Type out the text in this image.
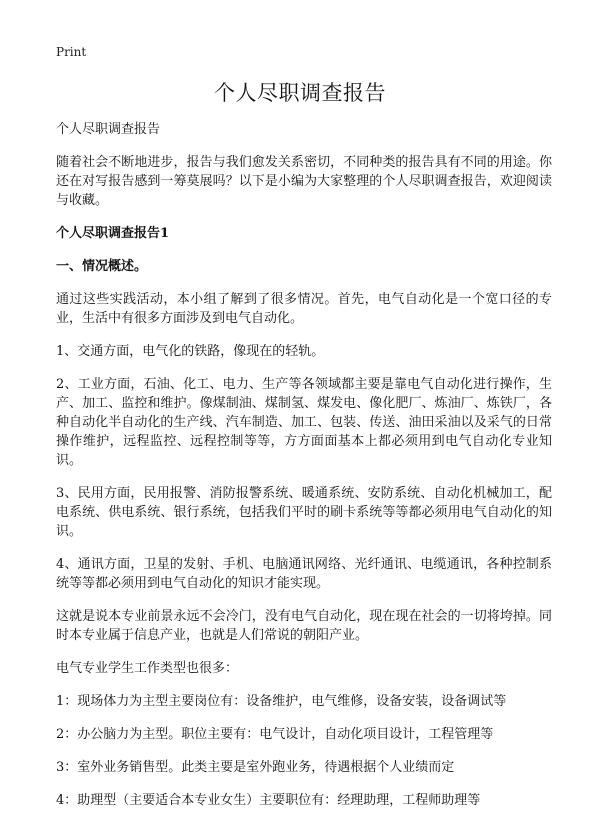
Print
个人尽职调查报告

个人尽职调查报告

随着社会不断地进步，报告与我们愈发关系密切，不同种类的报告具有不同的用途。你还在对写报告感到一筹莫展吗？以下是小编为大家整理的个人尽职调查报告，欢迎阅读与收藏。

个人尽职调查报告1

一、情况概述。

通过这些实践活动，本小组了解到了很多情况。首先，电气自动化是一个宽口径的专业，生活中有很多方面涉及到电气自动化。

1、交通方面，电气化的铁路，像现在的轻轨。

2、工业方面，石油、化工、电力、生产等各领域都主要是靠电气自动化进行操作，生产、加工、监控和维护。像煤制油、煤制氢、煤发电、像化肥厂、炼油厂、炼铁厂，各种自动化半自动化的生产线、汽车制造、加工、包装、传送、油田采油以及采气的日常操作维护，远程监控、远程控制等等，方方面面基本上都必须用到电气自动化专业知识。

3、民用方面，民用报警、消防报警系统、暖通系统、安防系统、自动化机械加工，配电系统、供电系统、银行系统，包括我们平时的刷卡系统等等都必须用电气自动化的知识。

4、通讯方面，卫星的发射、手机、电脑通讯网络、光纤通讯、电缆通讯，各种控制系统等等都必须用到电气自动化的知识才能实现。

这就是说本专业前景永远不会冷门，没有电气自动化，现在现在社会的一切将垮掉。同时本专业属于信息产业，也就是人们常说的朝阳产业。

电气专业学生工作类型也很多：

1：现场体力为主型主要岗位有：设备维护，电气维修，设备安装，设备调试等

2：办公脑力为主型。职位主要有：电气设计，自动化项目设计，工程管理等

3：室外业务销售型。此类主要是室外跑业务，待遇根据个人业绩而定

4：助理型（主要适合本专业女生）主要职位有：经理助理，工程师助理等
